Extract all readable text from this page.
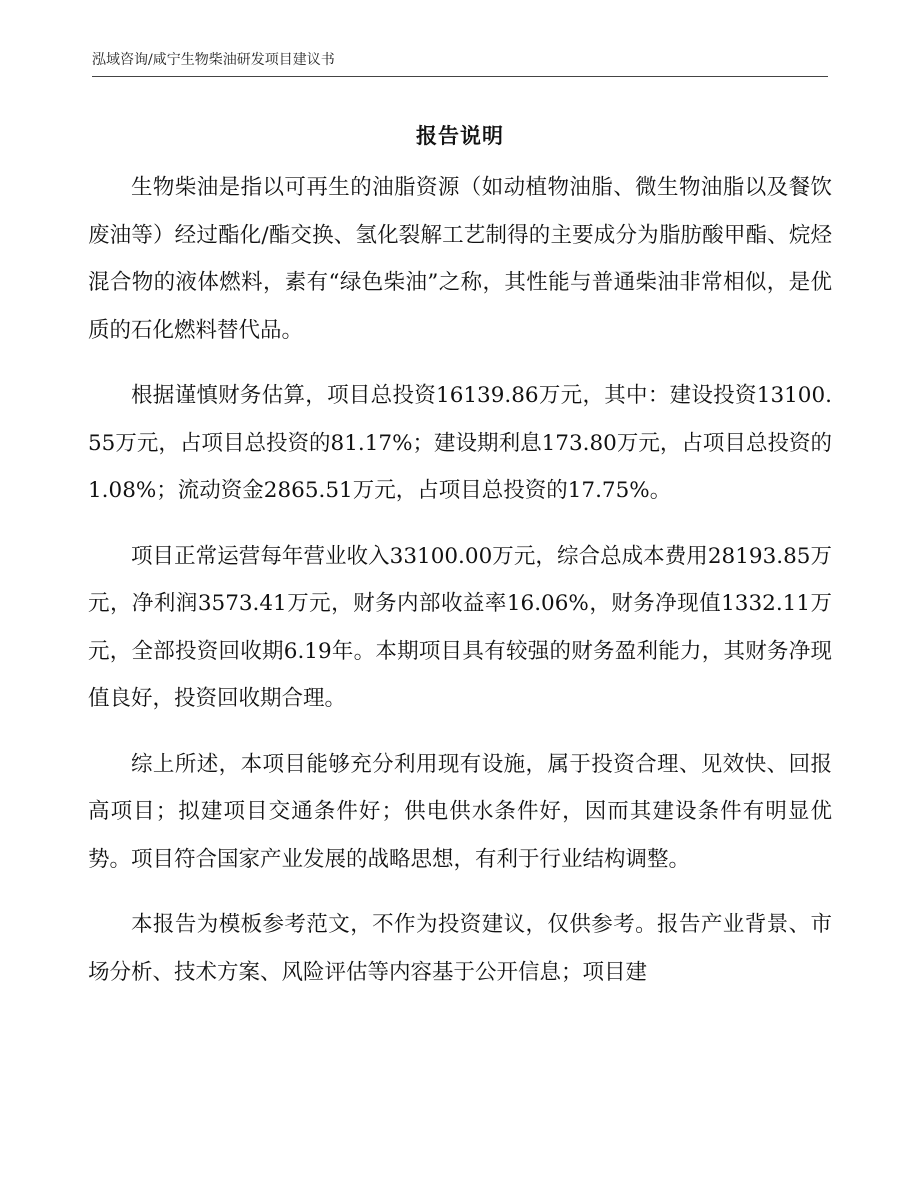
泓域咨询/咸宁生物柴油研发项目建议书
报告说明

生物柴油是指以可再生的油脂资源（如动植物油脂、微生物油脂以及餐饮废油等）经过酯化/酯交换、氢化裂解工艺制得的主要成分为脂肪酸甲酯、烷烃混合物的液体燃料，素有“绿色柴油”之称，其性能与普通柴油非常相似，是优质的石化燃料替代品。

根据谨慎财务估算，项目总投资16139.86万元，其中：建设投资13100.55万元，占项目总投资的81.17%；建设期利息173.80万元，占项目总投资的1.08%；流动资金2865.51万元，占项目总投资的17.75%。

项目正常运营每年营业收入33100.00万元，综合总成本费用28193.85万元，净利润3573.41万元，财务内部收益率16.06%，财务净现值1332.11万元，全部投资回收期6.19年。本期项目具有较强的财务盈利能力，其财务净现值良好，投资回收期合理。

综上所述，本项目能够充分利用现有设施，属于投资合理、见效快、回报高项目；拟建项目交通条件好；供电供水条件好，因而其建设条件有明显优势。项目符合国家产业发展的战略思想，有利于行业结构调整。

本报告为模板参考范文，不作为投资建议，仅供参考。报告产业背景、市场分析、技术方案、风险评估等内容基于公开信息；项目建
